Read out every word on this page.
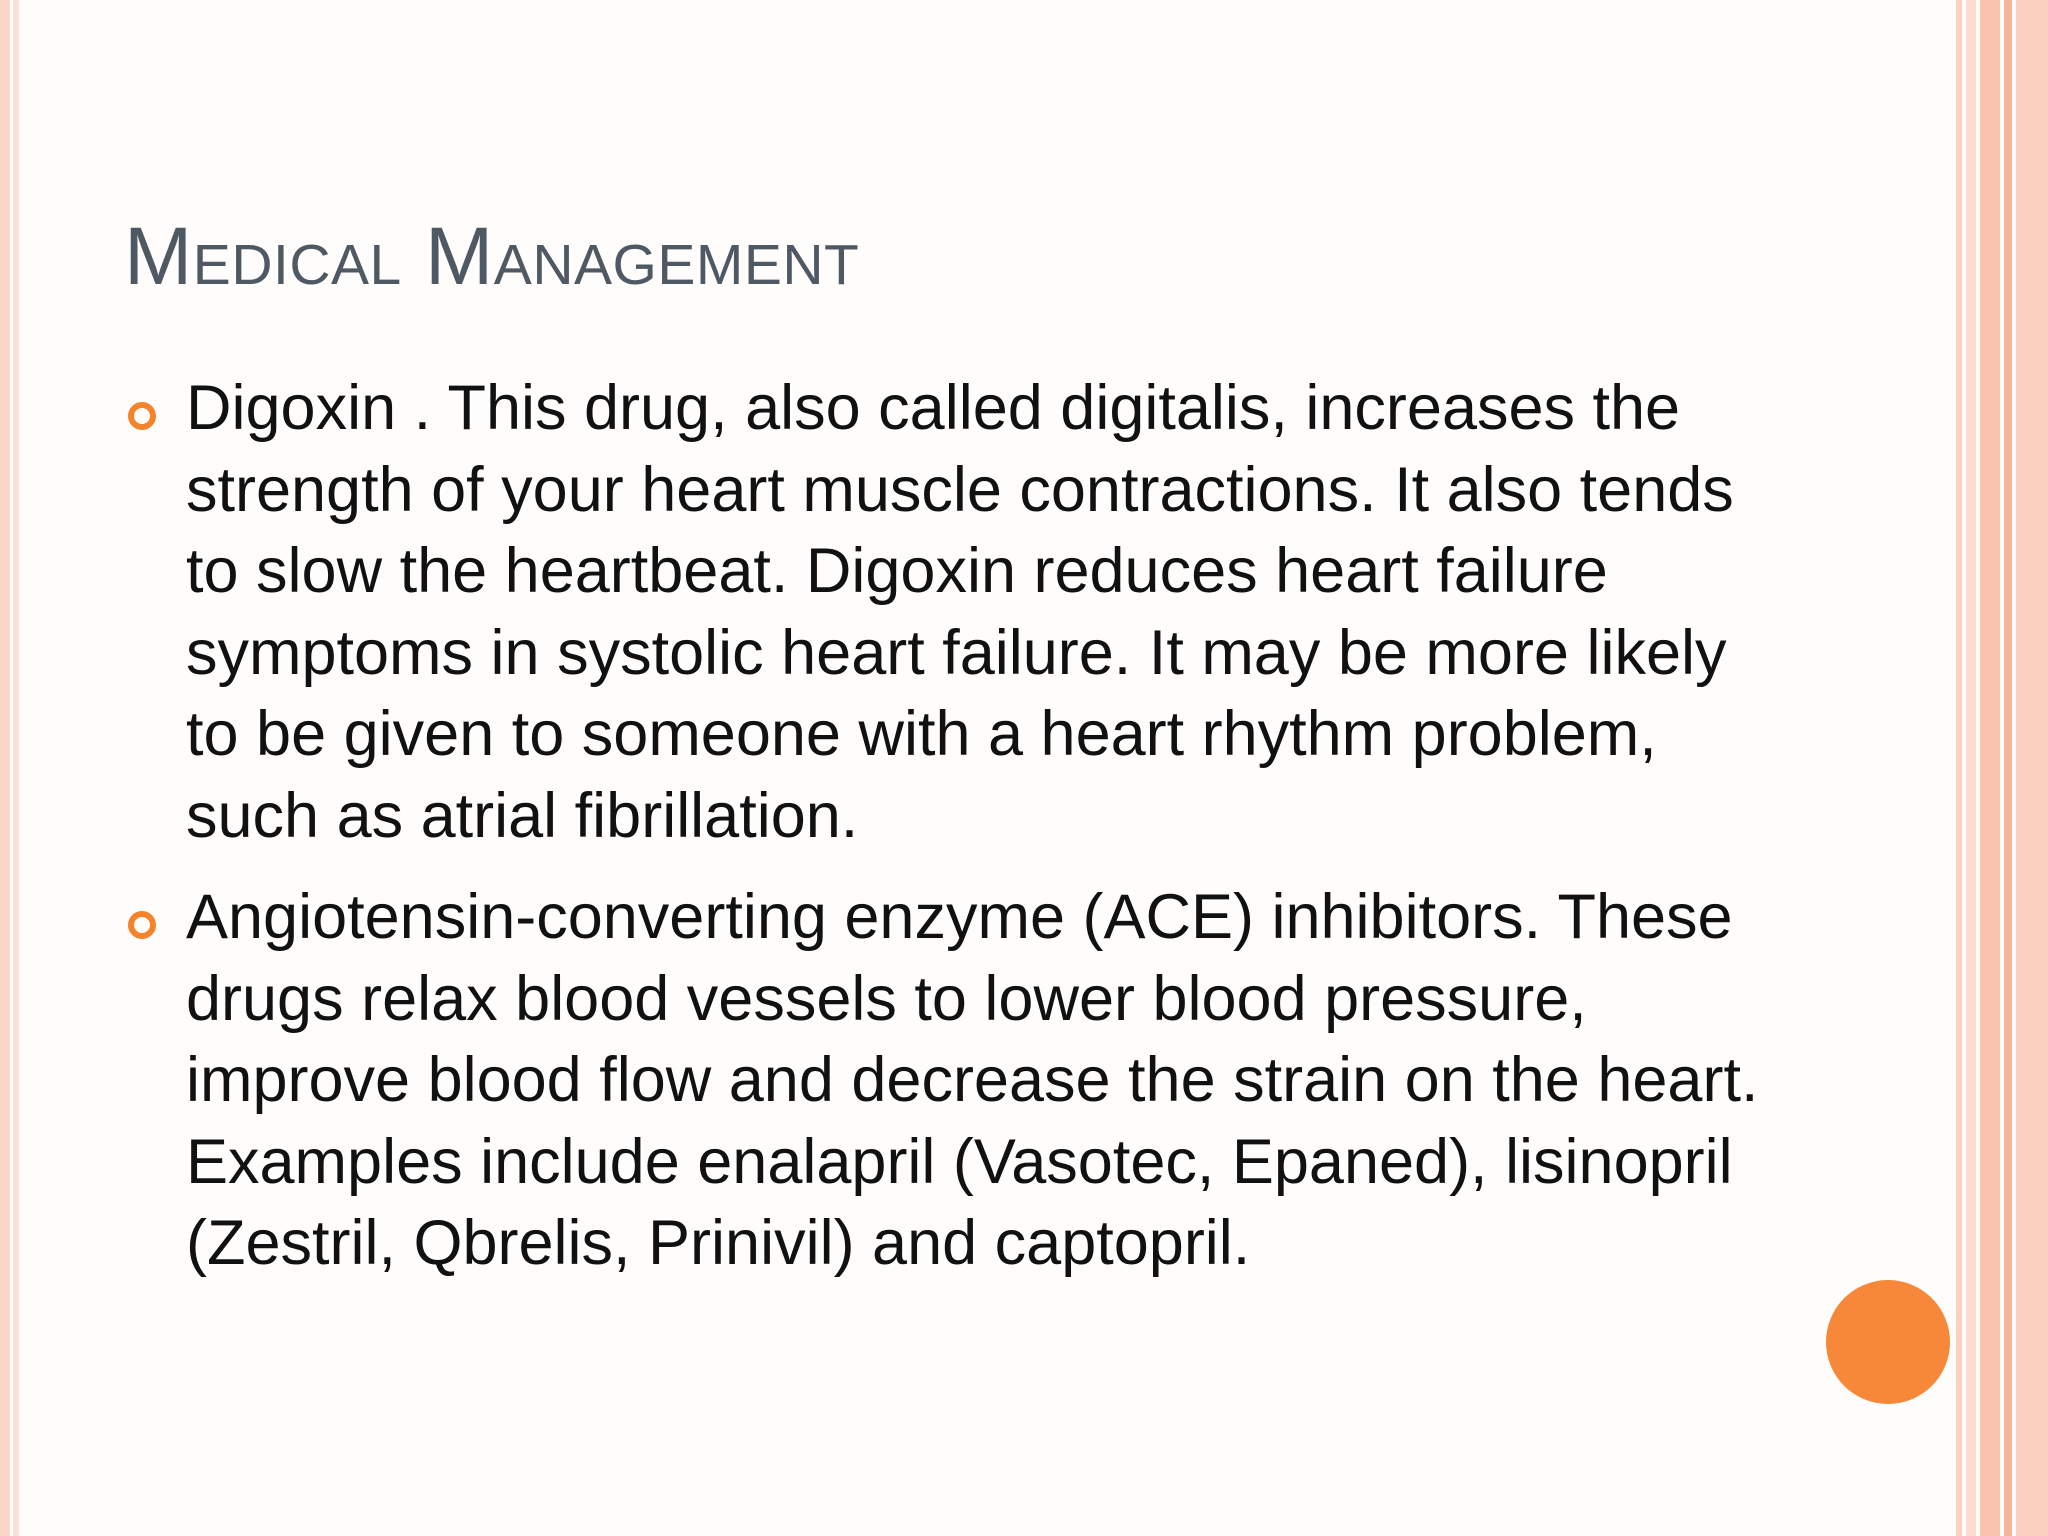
Medical Management
Digoxin . This drug, also called digitalis, increases the strength of your heart muscle contractions. It also tends to slow the heartbeat. Digoxin reduces heart failure symptoms in systolic heart failure. It may be more likely to be given to someone with a heart rhythm problem, such as atrial fibrillation.
Angiotensin-converting enzyme (ACE) inhibitors. These drugs relax blood vessels to lower blood pressure, improve blood flow and decrease the strain on the heart. Examples include enalapril (Vasotec, Epaned), lisinopril (Zestril, Qbrelis, Prinivil) and captopril.
